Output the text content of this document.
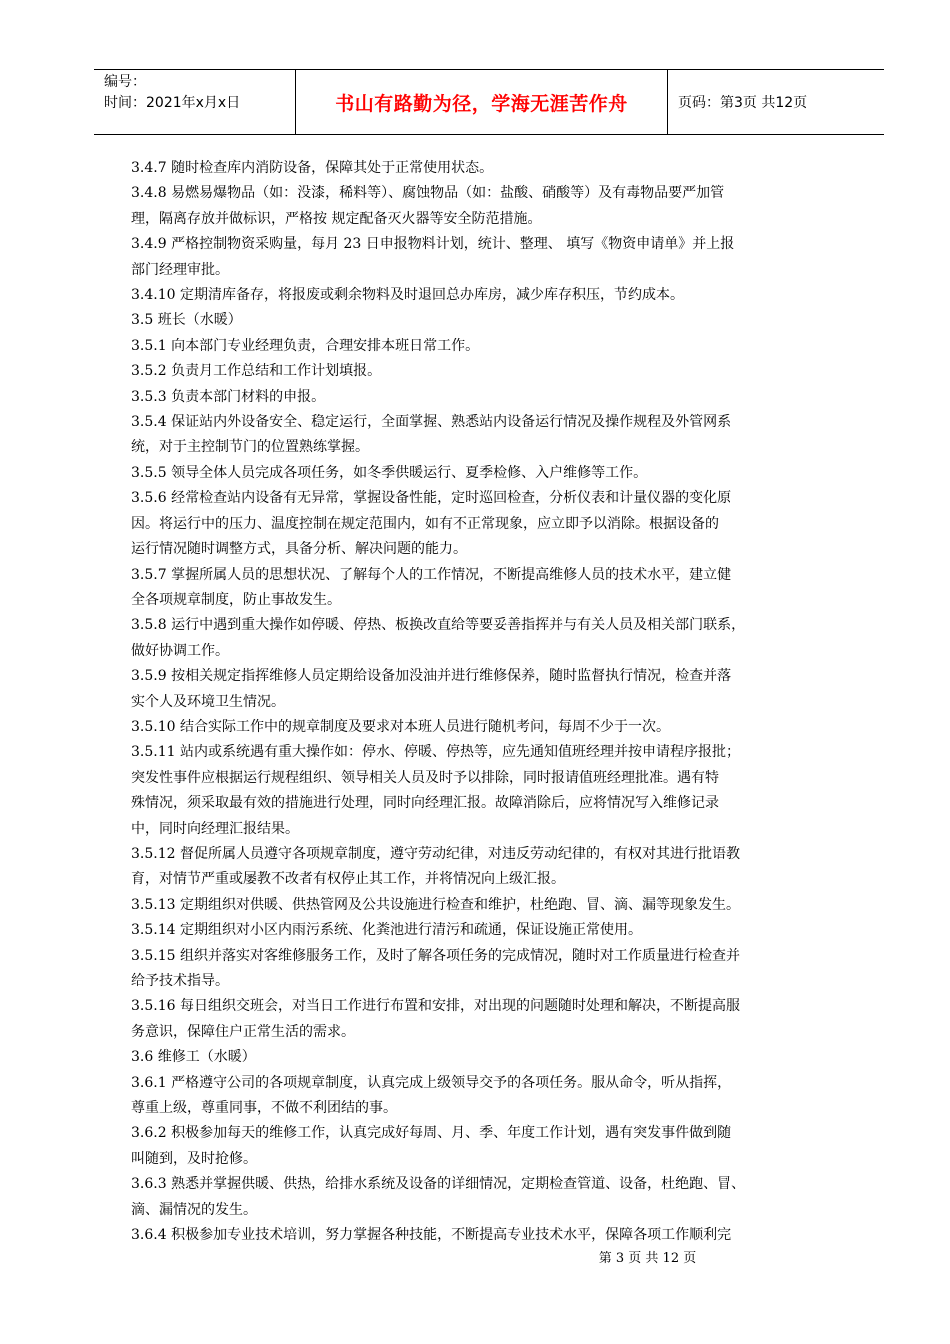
编号：
时间：2021年x月x日	书山有路勤为径，学海无涯苦作舟	页码：第3页 共12页

3.4.7 随时检查库内消防设备，保障其处于正常使用状态。

3.4.8 易燃易爆物品（如：没漆，稀料等）、腐蚀物品（如：盐酸、硝酸等）及有毒物品要严加管

理，隔离存放并做标识，严格按 规定配备灭火器等安全防范措施。

3.4.9 严格控制物资采购量，每月 23 日申报物料计划，统计、整理、 填写《物资申请单》并上报

部门经理审批。

3.4.10 定期清库备存，将报废或剩余物料及时退回总办库房，减少库存积压，节约成本。

3.5 班长（水暖）

3.5.1 向本部门专业经理负责，合理安排本班日常工作。

3.5.2 负责月工作总结和工作计划填报。

3.5.3 负责本部门材料的申报。

3.5.4 保证站内外设备安全、稳定运行，全面掌握、熟悉站内设备运行情况及操作规程及外管网系

统，对于主控制节门的位置熟练掌握。

3.5.5 领导全体人员完成各项任务，如冬季供暖运行、夏季检修、入户维修等工作。

3.5.6 经常检查站内设备有无异常，掌握设备性能，定时巡回检查，分析仪表和计量仪器的变化原

因。将运行中的压力、温度控制在规定范围内，如有不正常现象，应立即予以消除。根据设备的

运行情况随时调整方式，具备分析、解决问题的能力。

3.5.7 掌握所属人员的思想状况、了解每个人的工作情况，不断提高维修人员的技术水平，建立健

全各项规章制度，防止事故发生。

3.5.8 运行中遇到重大操作如停暖、停热、板换改直给等要妥善指挥并与有关人员及相关部门联系，

做好协调工作。

3.5.9 按相关规定指挥维修人员定期给设备加没油并进行维修保养，随时监督执行情况，检查并落

实个人及环境卫生情况。

3.5.10 结合实际工作中的规章制度及要求对本班人员进行随机考问，每周不少于一次。

3.5.11 站内或系统遇有重大操作如：停水、停暖、停热等，应先通知值班经理并按申请程序报批；

突发性事件应根据运行规程组织、领导相关人员及时予以排除，同时报请值班经理批准。遇有特

殊情况，须采取最有效的措施进行处理，同时向经理汇报。故障消除后，应将情况写入维修记录

中，同时向经理汇报结果。

3.5.12 督促所属人员遵守各项规章制度，遵守劳动纪律，对违反劳动纪律的，有权对其进行批语教

育，对情节严重或屡教不改者有权停止其工作，并将情况向上级汇报。

3.5.13 定期组织对供暖、供热管网及公共设施进行检查和维护，杜绝跑、冒、滴、漏等现象发生。

3.5.14 定期组织对小区内雨污系统、化粪池进行清污和疏通，保证设施正常使用。

3.5.15 组织并落实对客维修服务工作，及时了解各项任务的完成情况，随时对工作质量进行检查并

给予技术指导。

3.5.16 每日组织交班会，对当日工作进行布置和安排，对出现的问题随时处理和解决，不断提高服

务意识，保障住户正常生活的需求。

3.6 维修工（水暖）

3.6.1 严格遵守公司的各项规章制度，认真完成上级领导交予的各项任务。服从命令，听从指挥，

尊重上级，尊重同事，不做不利团结的事。

3.6.2 积极参加每天的维修工作，认真完成好每周、月、季、年度工作计划，遇有突发事件做到随

叫随到，及时抢修。

3.6.3 熟悉并掌握供暖、供热，给排水系统及设备的详细情况，定期检查管道、设备，杜绝跑、冒、

滴、漏情况的发生。

3.6.4 积极参加专业技术培训，努力掌握各种技能，不断提高专业技术水平，保障各项工作顺利完

第 3 页 共 12 页
